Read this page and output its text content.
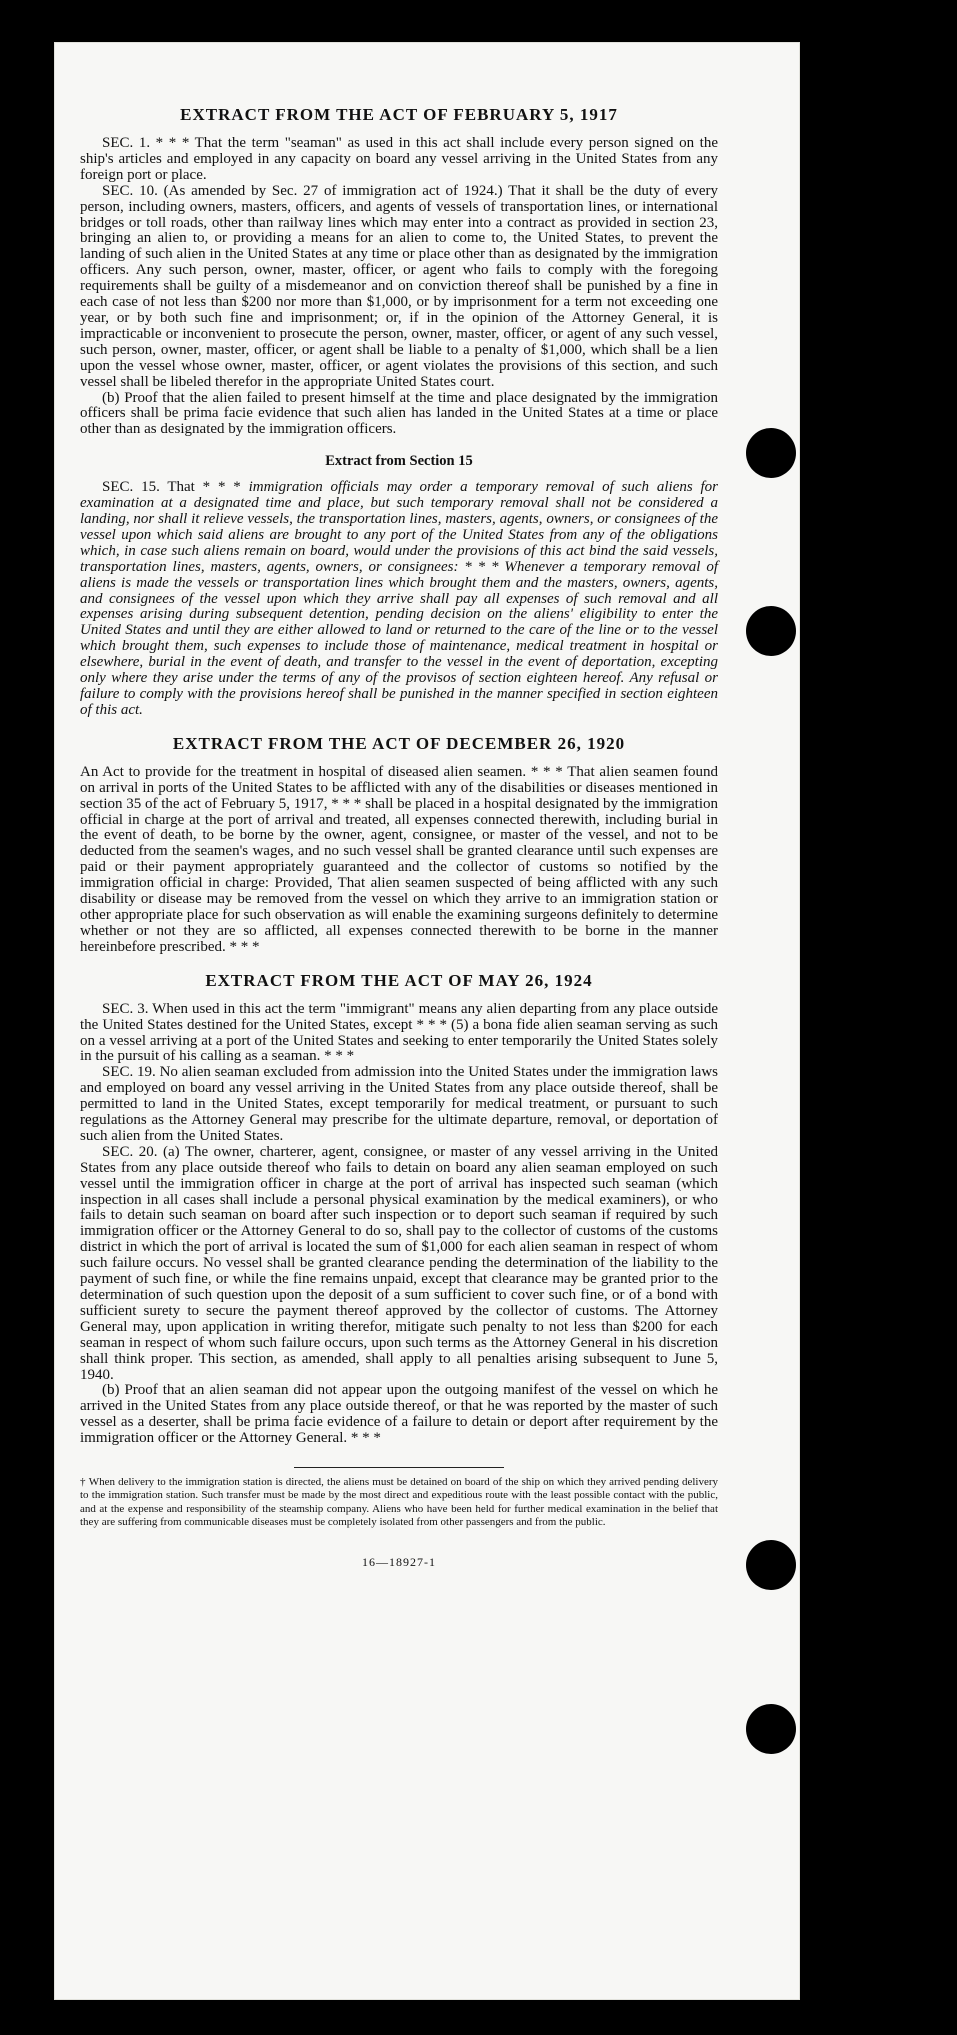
EXTRACT FROM THE ACT OF FEBRUARY 5, 1917

SEC. 1. * * * That the term "seaman" as used in this act shall include every person signed on the ship's articles and employed in any capacity on board any vessel arriving in the United States from any foreign port or place.

SEC. 10. (As amended by Sec. 27 of immigration act of 1924.) That it shall be the duty of every person, including owners, masters, officers, and agents of vessels of transportation lines, or international bridges or toll roads, other than railway lines which may enter into a contract as provided in section 23, bringing an alien to, or providing a means for an alien to come to, the United States, to prevent the landing of such alien in the United States at any time or place other than as designated by the immigration officers. Any such person, owner, master, officer, or agent who fails to comply with the foregoing requirements shall be guilty of a misdemeanor and on conviction thereof shall be punished by a fine in each case of not less than $200 nor more than $1,000, or by imprisonment for a term not exceeding one year, or by both such fine and imprisonment; or, if in the opinion of the Attorney General, it is impracticable or inconvenient to prosecute the person, owner, master, officer, or agent of any such vessel, such person, owner, master, officer, or agent shall be liable to a penalty of $1,000, which shall be a lien upon the vessel whose owner, master, officer, or agent violates the provisions of this section, and such vessel shall be libeled therefor in the appropriate United States court.

(b) Proof that the alien failed to present himself at the time and place designated by the immigration officers shall be prima facie evidence that such alien has landed in the United States at a time or place other than as designated by the immigration officers.

Extract from Section 15

SEC. 15. That * * * immigration officials may order a temporary removal of such aliens for examination at a designated time and place, but such temporary removal shall not be considered a landing, nor shall it relieve vessels, the transportation lines, masters, agents, owners, or consignees of the vessel upon which said aliens are brought to any port of the United States from any of the obligations which, in case such aliens remain on board, would under the provisions of this act bind the said vessels, transportation lines, masters, agents, owners, or consignees: * * * Whenever a temporary removal of aliens is made the vessels or transportation lines which brought them and the masters, owners, agents, and consignees of the vessel upon which they arrive shall pay all expenses of such removal and all expenses arising during subsequent detention, pending decision on the aliens' eligibility to enter the United States and until they are either allowed to land or returned to the care of the line or to the vessel which brought them, such expenses to include those of maintenance, medical treatment in hospital or elsewhere, burial in the event of death, and transfer to the vessel in the event of deportation, excepting only where they arise under the terms of any of the provisos of section eighteen hereof. Any refusal or failure to comply with the provisions hereof shall be punished in the manner specified in section eighteen of this act.

EXTRACT FROM THE ACT OF DECEMBER 26, 1920

An Act to provide for the treatment in hospital of diseased alien seamen. * * * That alien seamen found on arrival in ports of the United States to be afflicted with any of the disabilities or diseases mentioned in section 35 of the act of February 5, 1917, * * * shall be placed in a hospital designated by the immigration official in charge at the port of arrival and treated, all expenses connected therewith, including burial in the event of death, to be borne by the owner, agent, consignee, or master of the vessel, and not to be deducted from the seamen's wages, and no such vessel shall be granted clearance until such expenses are paid or their payment appropriately guaranteed and the collector of customs so notified by the immigration official in charge: Provided, That alien seamen suspected of being afflicted with any such disability or disease may be removed from the vessel on which they arrive to an immigration station or other appropriate place for such observation as will enable the examining surgeons definitely to determine whether or not they are so afflicted, all expenses connected therewith to be borne in the manner hereinbefore prescribed. * * *

EXTRACT FROM THE ACT OF MAY 26, 1924

SEC. 3. When used in this act the term "immigrant" means any alien departing from any place outside the United States destined for the United States, except * * * (5) a bona fide alien seaman serving as such on a vessel arriving at a port of the United States and seeking to enter temporarily the United States solely in the pursuit of his calling as a seaman. * * *

SEC. 19. No alien seaman excluded from admission into the United States under the immigration laws and employed on board any vessel arriving in the United States from any place outside thereof, shall be permitted to land in the United States, except temporarily for medical treatment, or pursuant to such regulations as the Attorney General may prescribe for the ultimate departure, removal, or deportation of such alien from the United States.

SEC. 20. (a) The owner, charterer, agent, consignee, or master of any vessel arriving in the United States from any place outside thereof who fails to detain on board any alien seaman employed on such vessel until the immigration officer in charge at the port of arrival has inspected such seaman (which inspection in all cases shall include a personal physical examination by the medical examiners), or who fails to detain such seaman on board after such inspection or to deport such seaman if required by such immigration officer or the Attorney General to do so, shall pay to the collector of customs of the customs district in which the port of arrival is located the sum of $1,000 for each alien seaman in respect of whom such failure occurs. No vessel shall be granted clearance pending the determination of the liability to the payment of such fine, or while the fine remains unpaid, except that clearance may be granted prior to the determination of such question upon the deposit of a sum sufficient to cover such fine, or of a bond with sufficient surety to secure the payment thereof approved by the collector of customs. The Attorney General may, upon application in writing therefor, mitigate such penalty to not less than $200 for each seaman in respect of whom such failure occurs, upon such terms as the Attorney General in his discretion shall think proper. This section, as amended, shall apply to all penalties arising subsequent to June 5, 1940.

(b) Proof that an alien seaman did not appear upon the outgoing manifest of the vessel on which he arrived in the United States from any place outside thereof, or that he was reported by the master of such vessel as a deserter, shall be prima facie evidence of a failure to detain or deport after requirement by the immigration officer or the Attorney General. * * *

† When delivery to the immigration station is directed, the aliens must be detained on board of the ship on which they arrived pending delivery to the immigration station. Such transfer must be made by the most direct and expeditious route with the least possible contact with the public, and at the expense and responsibility of the steamship company. Aliens who have been held for further medical examination in the belief that they are suffering from communicable diseases must be completely isolated from other passengers and from the public.
16—18927-1
